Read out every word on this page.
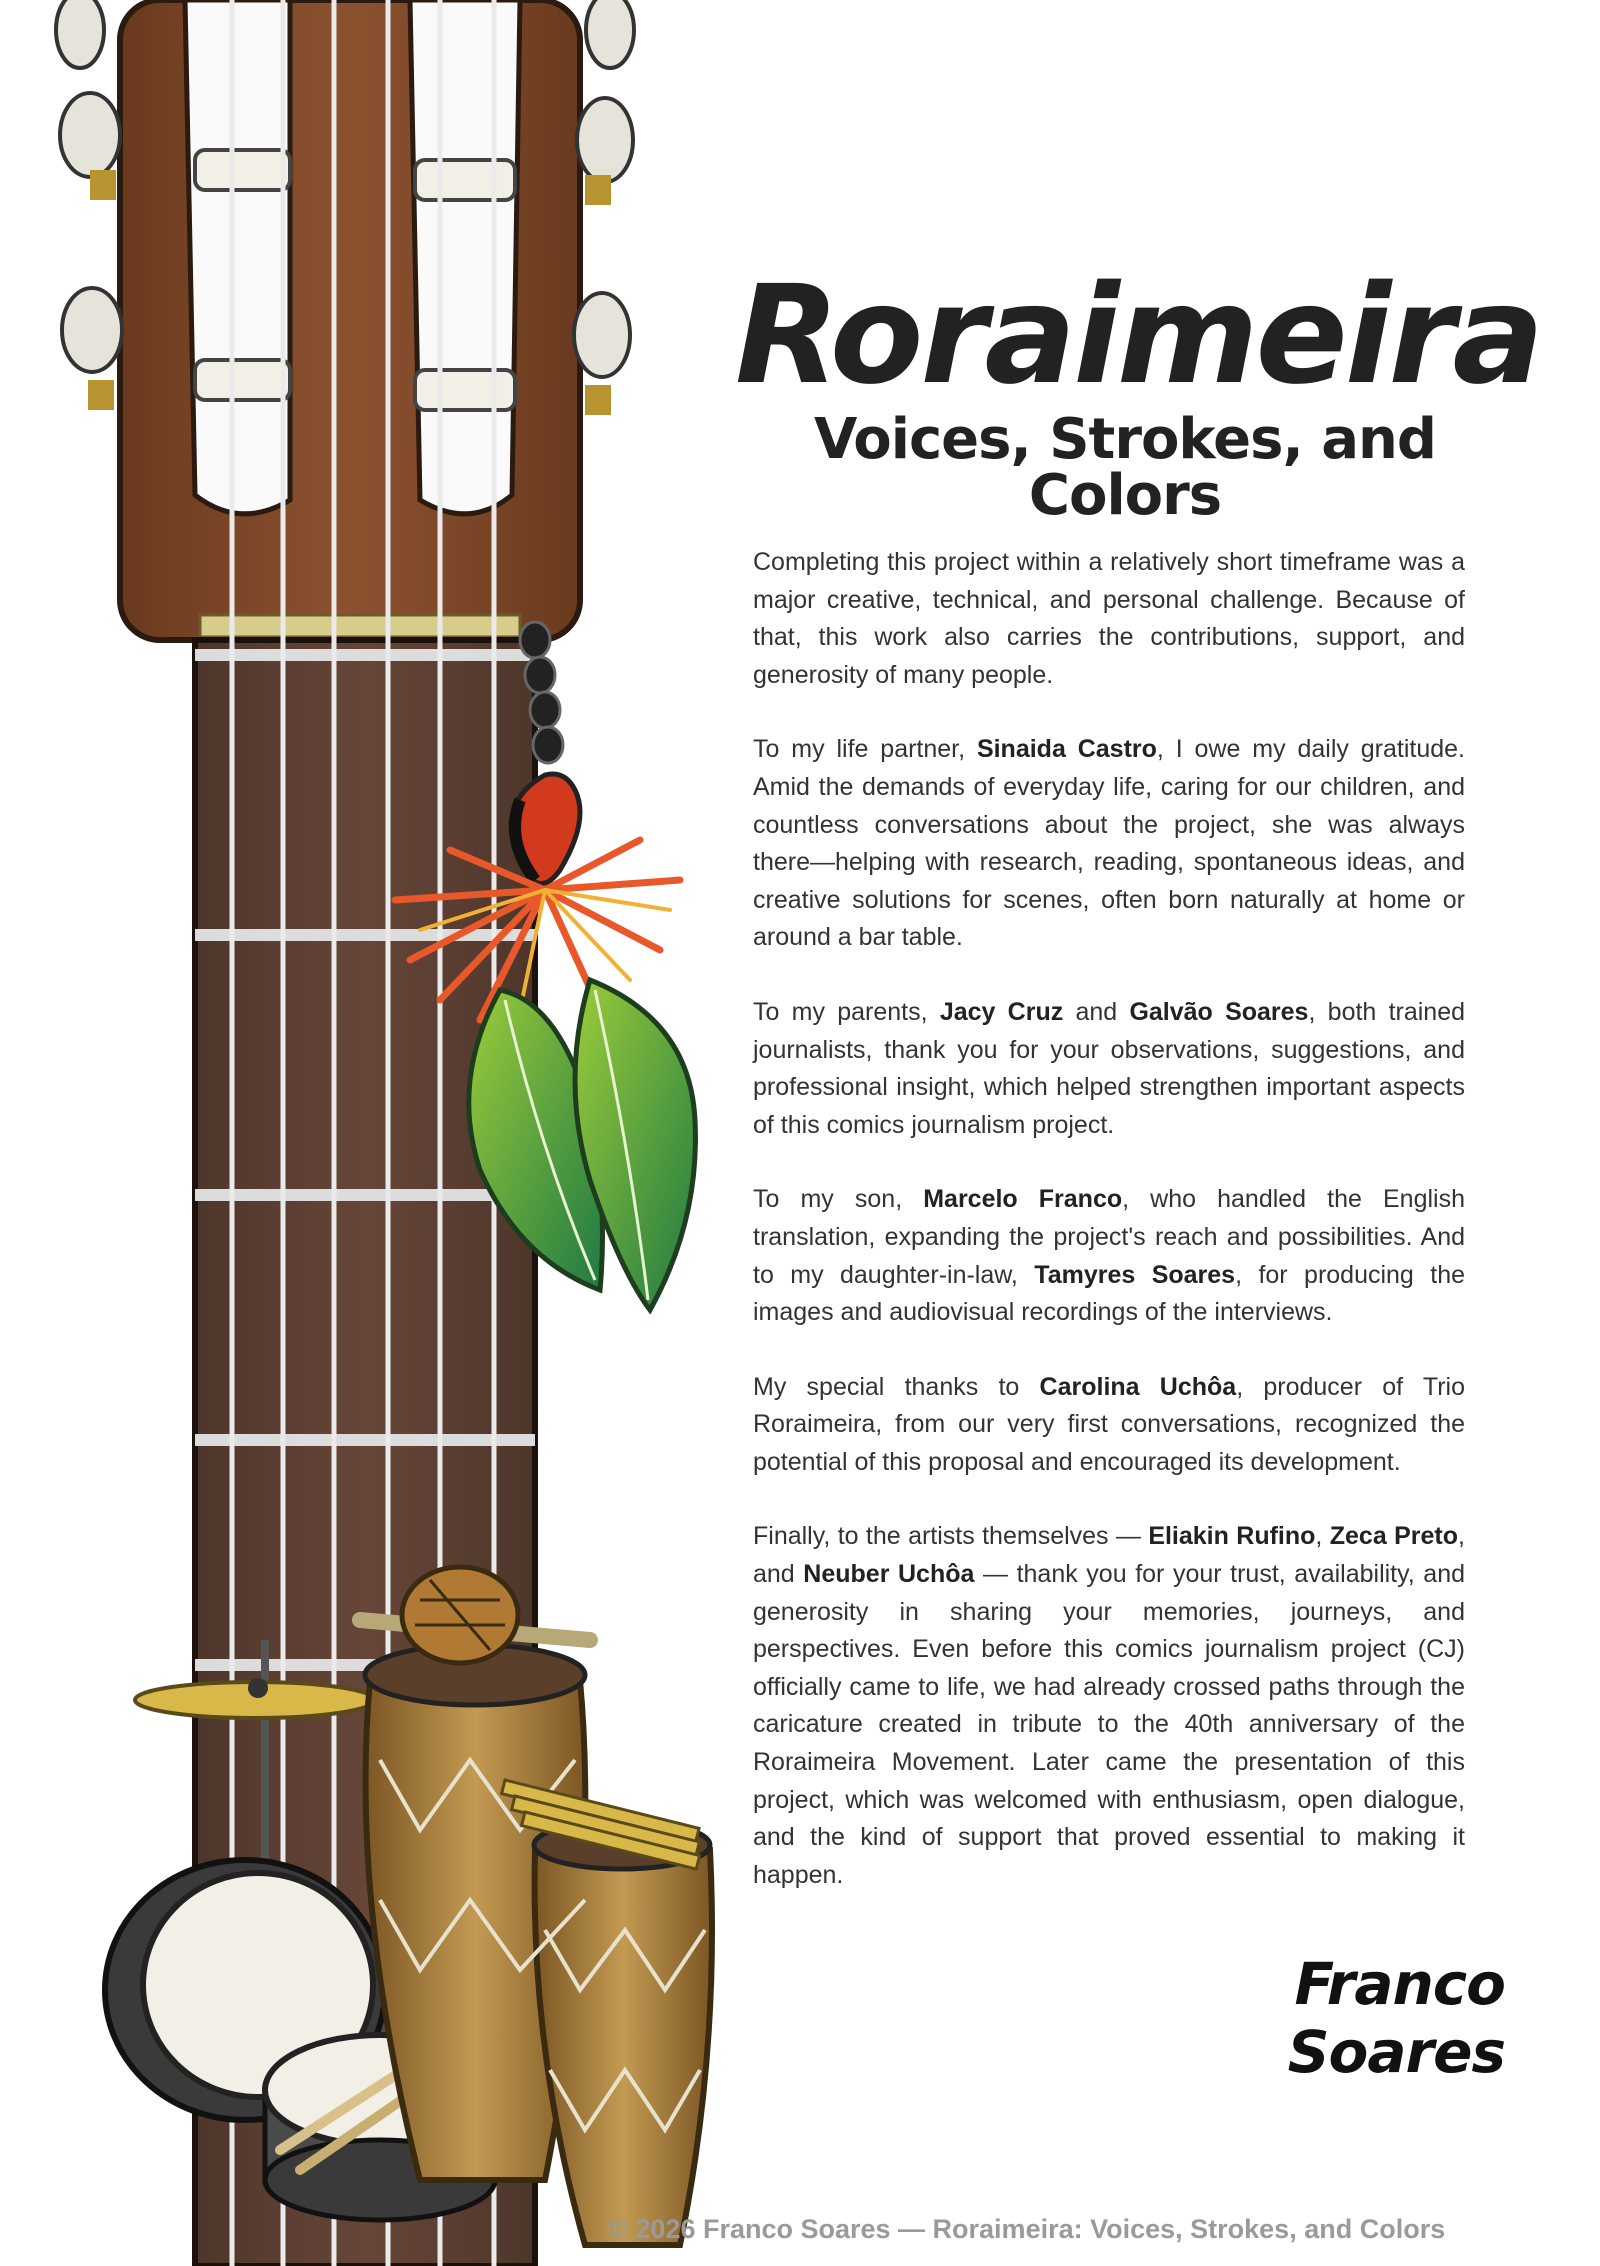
Roraimeira
Voices, Strokes, and Colors

Completing this project within a relatively short timeframe was a major creative, technical, and personal challenge. Because of that, this work also carries the contributions, support, and generosity of many people.

To my life partner, Sinaida Castro, I owe my daily gratitude. Amid the demands of everyday life, caring for our children, and countless conversations about the project, she was always there—helping with research, reading, spontaneous ideas, and creative solutions for scenes, often born naturally at home or around a bar table.

To my parents, Jacy Cruz and Galvão Soares, both trained journalists, thank you for your observations, suggestions, and professional insight, which helped strengthen important aspects of this comics journalism project.

To my son, Marcelo Franco, who handled the English translation, expanding the project's reach and possibilities. And to my daughter-in-law, Tamyres Soares, for producing the images and audiovisual recordings of the interviews.

My special thanks to Carolina Uchôa, producer of Trio Roraimeira, from our very first conversations, recognized the potential of this proposal and encouraged its development.

Finally, to the artists themselves — Eliakin Rufino, Zeca Preto, and Neuber Uchôa — thank you for your trust, availability, and generosity in sharing your memories, journeys, and perspectives. Even before this comics journalism project (CJ) officially came to life, we had already crossed paths through the caricature created in tribute to the 40th anniversary of the Roraimeira Movement. Later came the presentation of this project, which was welcomed with enthusiasm, open dialogue, and the kind of support that proved essential to making it happen.

Franco Soares
© 2026 Franco Soares — Roraimeira: Voices, Strokes, and Colors
